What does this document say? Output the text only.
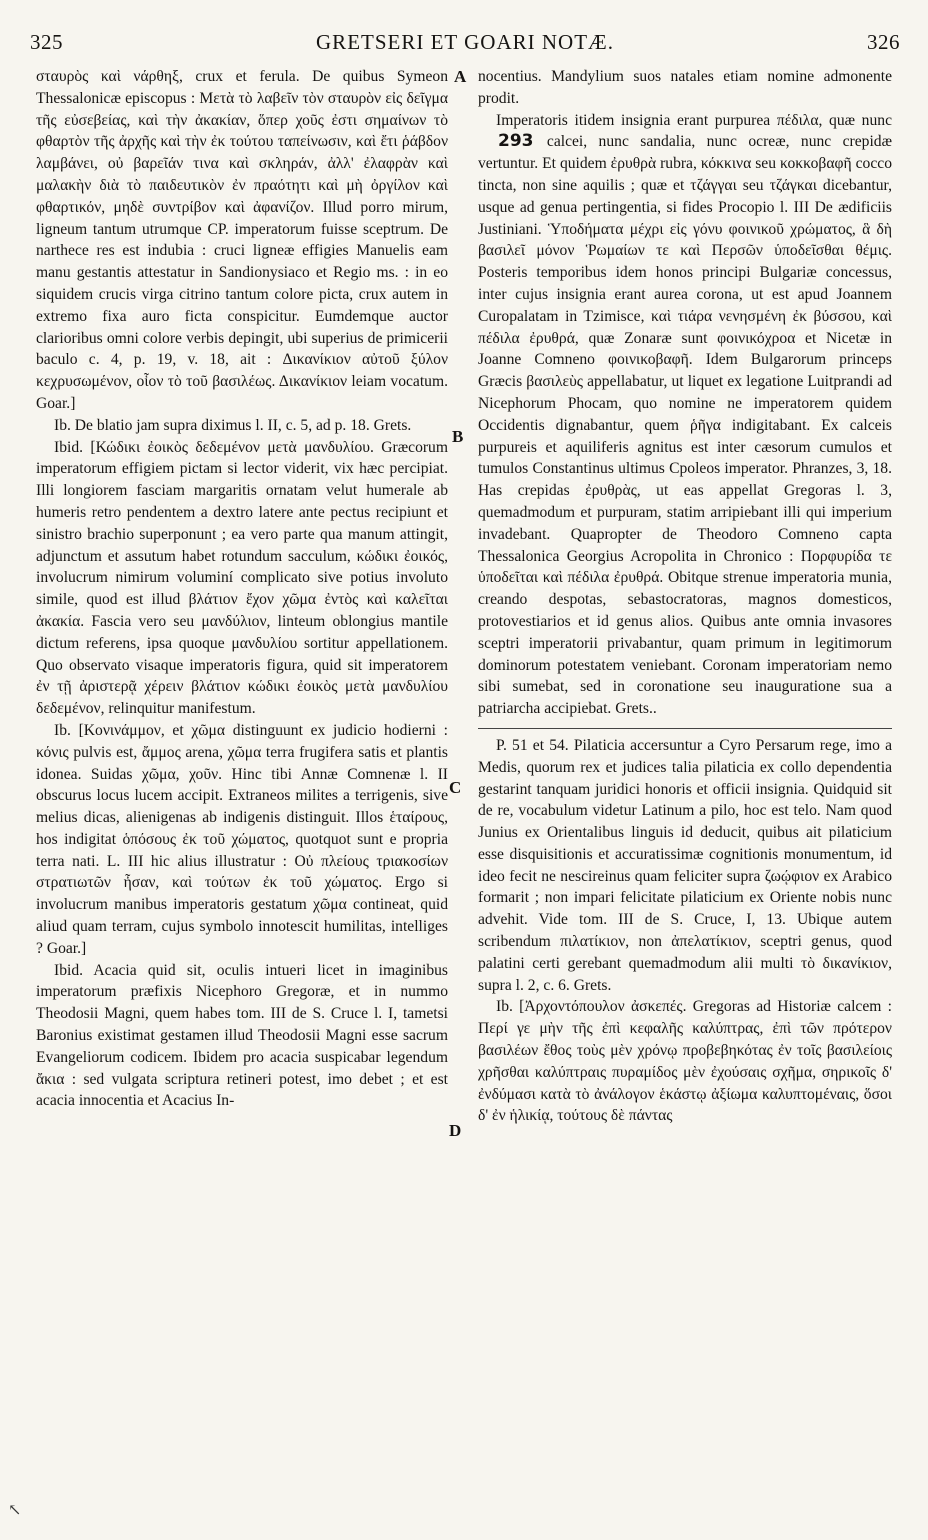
325	GRETSERI ET GOARI NOTÆ.	326

σταυρὸς καὶ νάρθηξ, crux et ferula. De quibus Symeon Thessalonicæ episcopus : Μετὰ τὸ λαβεῖν τὸν σταυρὸν εἰς δεῖγμα τῆς εὐσεβείας, καὶ τὴν ἀκακίαν, ὅπερ χοῦς ἐστι σημαίνων τὸ φθαρτὸν τῆς ἀρχῆς καὶ τὴν ἐκ τούτου ταπείνωσιν, καὶ ἔτι ῥάβδον λαμβάνει, οὐ βαρεῖάν τινα καὶ σκληράν, ἀλλ' ἐλαφρὰν καὶ μαλακὴν διὰ τὸ παιδευτικὸν ἐν πραότητι καὶ μὴ ὀργίλον καὶ φθαρτικόν, μηδὲ συντρίβον καὶ ἀφανίζον. Illud porro mirum, ligneum tantum utrumque CP. imperatorum fuisse sceptrum. De narthece res est indubia : cruci ligneæ effigies Manuelis eam manu gestantis attestatur in Sandionysiaco et Regio ms. : in eo siquidem crucis virga citrino tantum colore picta, crux autem in extremo fixa auro ficta conspicitur. Eumdemque auctor clarioribus omni colore verbis depingit, ubi superius de primicerii baculo c. 4, p. 19, v. 18, ait : Δικανίκιον αὐτοῦ ξύλον κεχρυσωμένον, οἷον τὸ τοῦ βασιλέως. Δικανίκιον leiam vocatum. Goar.]

Ib. De blatio jam supra diximus l. II, c. 5, ad p. 18. Grets.

Ibid. [Κώδικι ἐοικὸς δεδεμένον μετὰ μανδυλίου. Græcorum imperatorum effigiem pictam si lector viderit, vix hæc percipiat. Illi longiorem fasciam margaritis ornatam velut humerale ab humeris retro pendentem a dextro latere ante pectus recipiunt et sinistro brachio superponunt ; ea vero parte qua manum attingit, adjunctum et assutum habet rotundum sacculum, κώδικι ἐοικός, involucrum nimirum voluminí complicato sive potius involuto simile, quod est illud βλάτιον ἔχον χῶμα ἐντὸς καὶ καλεῖται ἀκακία. Fascia vero seu μανδύλιον, linteum oblongius mantile dictum referens, ipsa quoque μανδυλίου sortitur appellationem. Quo observato visaque imperatoris figura, quid sit imperatorem ἐν τῇ ἀριστερᾷ χέρειν βλάτιον κώδικι ἐοικὸς μετὰ μανδυλίου δεδεμένον, relinquitur manifestum.

Ib. [Κονινάμμον, et χῶμα distinguunt ex judicio hodierni : κόνις pulvis est, ἄμμος arena, χῶμα terra frugifera satis et plantis idonea. Suidas χῶμα, χοῦν. Hinc tibi Annæ Comnenæ l. II obscurus locus lucem accipit. Extraneos milites a terrigenis, sive melius dicas, alienigenas ab indigenis distinguit. Illos ἑταίρους, hos indigitat ὁπόσους ἐκ τοῦ χώματος, quotquot sunt e propria terra nati. L. III hic alius illustratur : Οὐ πλείους τριακοσίων στρατιωτῶν ἦσαν, καὶ τούτων ἐκ τοῦ χώματος. Ergo si involucrum manibus imperatoris gestatum χῶμα contineat, quid aliud quam terram, cujus symbolo innotescit humilitas, intelliges ? Goar.]

Ibid. Acacia quid sit, oculis intueri licet in imaginibus imperatorum præfixis Nicephoro Gregoræ, et in nummo Theodosii Magni, quem habes tom. III de S. Cruce l. I, tametsi Baronius existimat gestamen illud Theodosii Magni esse sacrum Evangeliorum codicem. Ibidem pro acacia suspicabar legendum ἄκια : sed vulgata scriptura retineri potest, imo debet ; et est acacia innocentia et Acacius In-

A
B
C
D

nocentius. Mandylium suos natales etiam nomine admonente prodit.

Imperatoris itidem insignia erant purpurea πέδιλα, quæ nunc 293 calcei, nunc sandalia, nunc ocreæ, nunc crepidæ vertuntur. Et quidem ἐρυθρὰ rubra, κόκκινα seu κοκκοβαφῆ cocco tincta, non sine aquilis ; quæ et τζάγγαι seu τζάγκαι dicebantur, usque ad genua pertingentia, si fides Procopio l. III De ædificiis Justiniani. Ὑποδήματα μέχρι εἰς γόνυ φοινικοῦ χρώματος, ἃ δὴ βασιλεῖ μόνον Ῥωμαίων τε καὶ Περσῶν ὑποδεῖσθαι θέμις. Posteris temporibus idem honos principi Bulgariæ concessus, inter cujus insignia erant aurea corona, ut est apud Joannem Curopalatam in Tzimisce, καὶ τιάρα νενησμένη ἐκ βύσσου, καὶ πέδιλα ἐρυθρά, quæ Zonaræ sunt φοινικόχροα et Nicetæ in Joanne Comneno φοινικοβαφῆ. Idem Bulgarorum princeps Græcis βασιλεὺς appellabatur, ut liquet ex legatione Luitprandi ad Nicephorum Phocam, quo nomine ne imperatorem quidem Occidentis dignabantur, quem ῥῆγα indigitabant. Ex calceis purpureis et aquiliferis agnitus est inter cæsorum cumulos et tumulos Constantinus ultimus Cpoleos imperator. Phranzes, 3, 18. Has crepidas ἐρυθρὰς, ut eas appellat Gregoras l. 3, quemadmodum et purpuram, statim arripiebant illi qui imperium invadebant. Quapropter de Theodoro Comneno capta Thessalonica Georgius Acropolita in Chronico : Πορφυρίδα τε ὑποδεῖται καὶ πέδιλα ἐρυθρά. Obitque strenue imperatoria munia, creando despotas, sebastocratoras, magnos domesticos, protovestiarios et id genus alios. Quibus ante omnia invasores sceptri imperatorii privabantur, quam primum in legitimorum dominorum potestatem veniebant. Coronam imperatoriam nemo sibi sumebat, sed in coronatione seu inauguratione sua a patriarcha accipiebat. Grets..

P. 51 et 54. Pilaticia accersuntur a Cyro Persarum rege, imo a Medis, quorum rex et judices talia pilaticia ex collo dependentia gestarint tanquam juridici honoris et officii insignia. Quidquid sit de re, vocabulum videtur Latinum a pilo, hoc est telo. Nam quod Junius ex Orientalibus linguis id deducit, quibus ait pilaticium esse disquisitionis et accuratissimæ cognitionis monumentum, id ideo fecit ne nescireinus quam feliciter supra ζωῴφιον ex Arabico formarit ; non impari felicitate pilaticium ex Oriente nobis nunc advehit. Vide tom. III de S. Cruce, I, 13. Ubique autem scribendum πιλατίκιον, non ἀπελατίκιον, sceptri genus, quod palatini certi gerebant quemadmodum alii multi τὸ δικανίκιον, supra l. 2, c. 6. Grets.

Ib. [Ἀρχοντόπουλον ἀσκεπές. Gregoras ad Historiæ calcem : Περί γε μὴν τῆς ἐπὶ κεφαλῆς καλύπτρας, ἐπὶ τῶν πρότερον βασιλέων ἔθος τοὺς μὲν χρόνῳ προβεβηκότας ἐν τοῖς βασιλείοις χρῆσθαι καλύπτραις πυραμίδος μὲν ἐχούσαις σχῆμα, σηρικοῖς δ' ἐνδύμασι κατὰ τὸ ἀνάλογον ἑκάστῳ ἀξίωμα καλυπτομέναις, ὅσοι δ' ἐν ἡλικίᾳ, τούτους δὲ πάντας

↖
